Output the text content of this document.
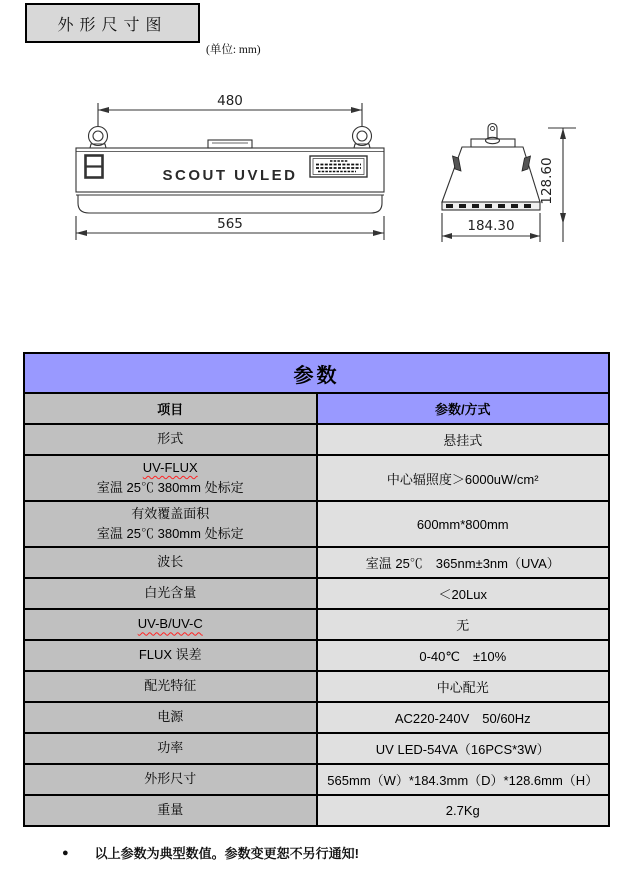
外形尺寸图
(单位: mm)
480
SCOUT UVLED
565	184.30
128.60
参数	
项目	参数/方式

形式	悬挂式

UV-FLUX
室温 25℃ 380mm 处标定	中心辐照度＞6000uW/cm²

有效覆盖面积
室温 25℃ 380mm 处标定	600mm*800mm

波长	室温 25℃　365nm±3nm（UVA）

白光含量	＜20Lux

UV-B/UV-C	无

FLUX 误差	0-40℃　±10%

配光特征	中心配光

电源	AC220-240V　50/60Hz

功率	UV LED-54VA（16PCS*3W）

外形尺寸	565mm（W）*184.3mm（D）*128.6mm（H）

重量	2.7Kg
● 以上参数为典型数值。参数变更恕不另行通知!
